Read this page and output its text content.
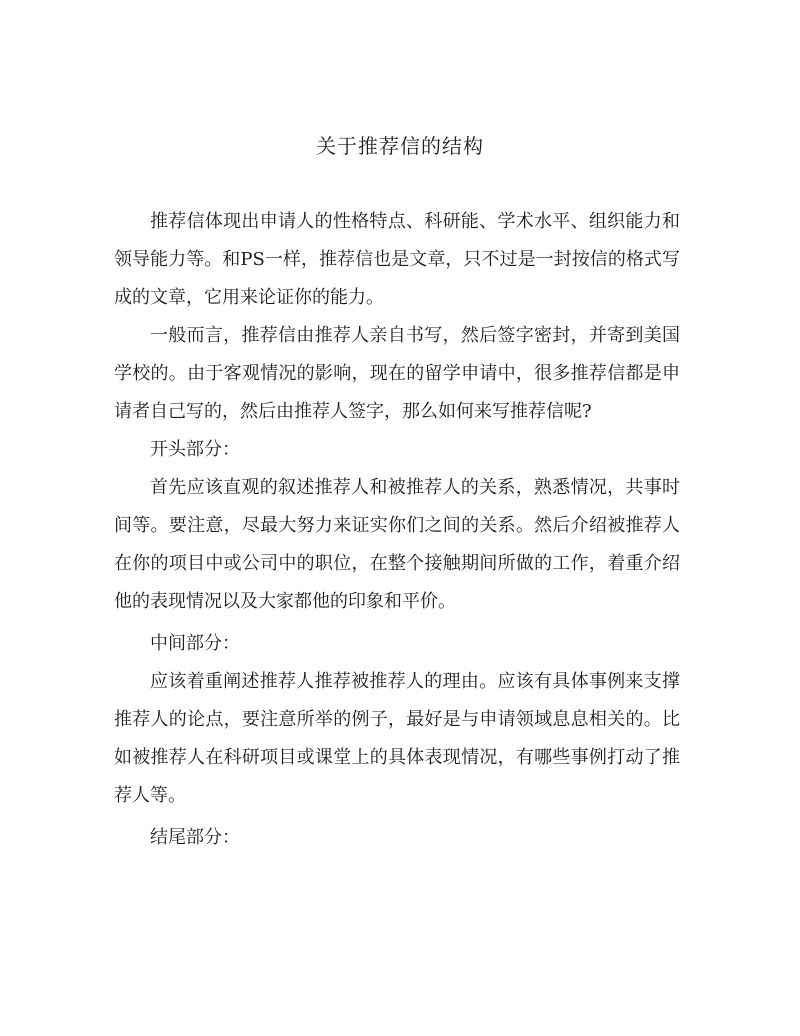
关于推荐信的结构

推荐信体现出申请人的性格特点、科研能、学术水平、组织能力和领导能力等。和PS一样，推荐信也是文章，只不过是一封按信的格式写成的文章，它用来论证你的能力。

一般而言，推荐信由推荐人亲自书写，然后签字密封，并寄到美国学校的。由于客观情况的影响，现在的留学申请中，很多推荐信都是申请者自己写的，然后由推荐人签字，那么如何来写推荐信呢?

开头部分：

首先应该直观的叙述推荐人和被推荐人的关系，熟悉情况，共事时间等。要注意，尽最大努力来证实你们之间的关系。然后介绍被推荐人在你的项目中或公司中的职位，在整个接触期间所做的工作，着重介绍他的表现情况以及大家都他的印象和平价。

中间部分：

应该着重阐述推荐人推荐被推荐人的理由。应该有具体事例来支撑推荐人的论点，要注意所举的例子，最好是与申请领域息息相关的。比如被推荐人在科研项目或课堂上的具体表现情况，有哪些事例打动了推荐人等。

结尾部分：
